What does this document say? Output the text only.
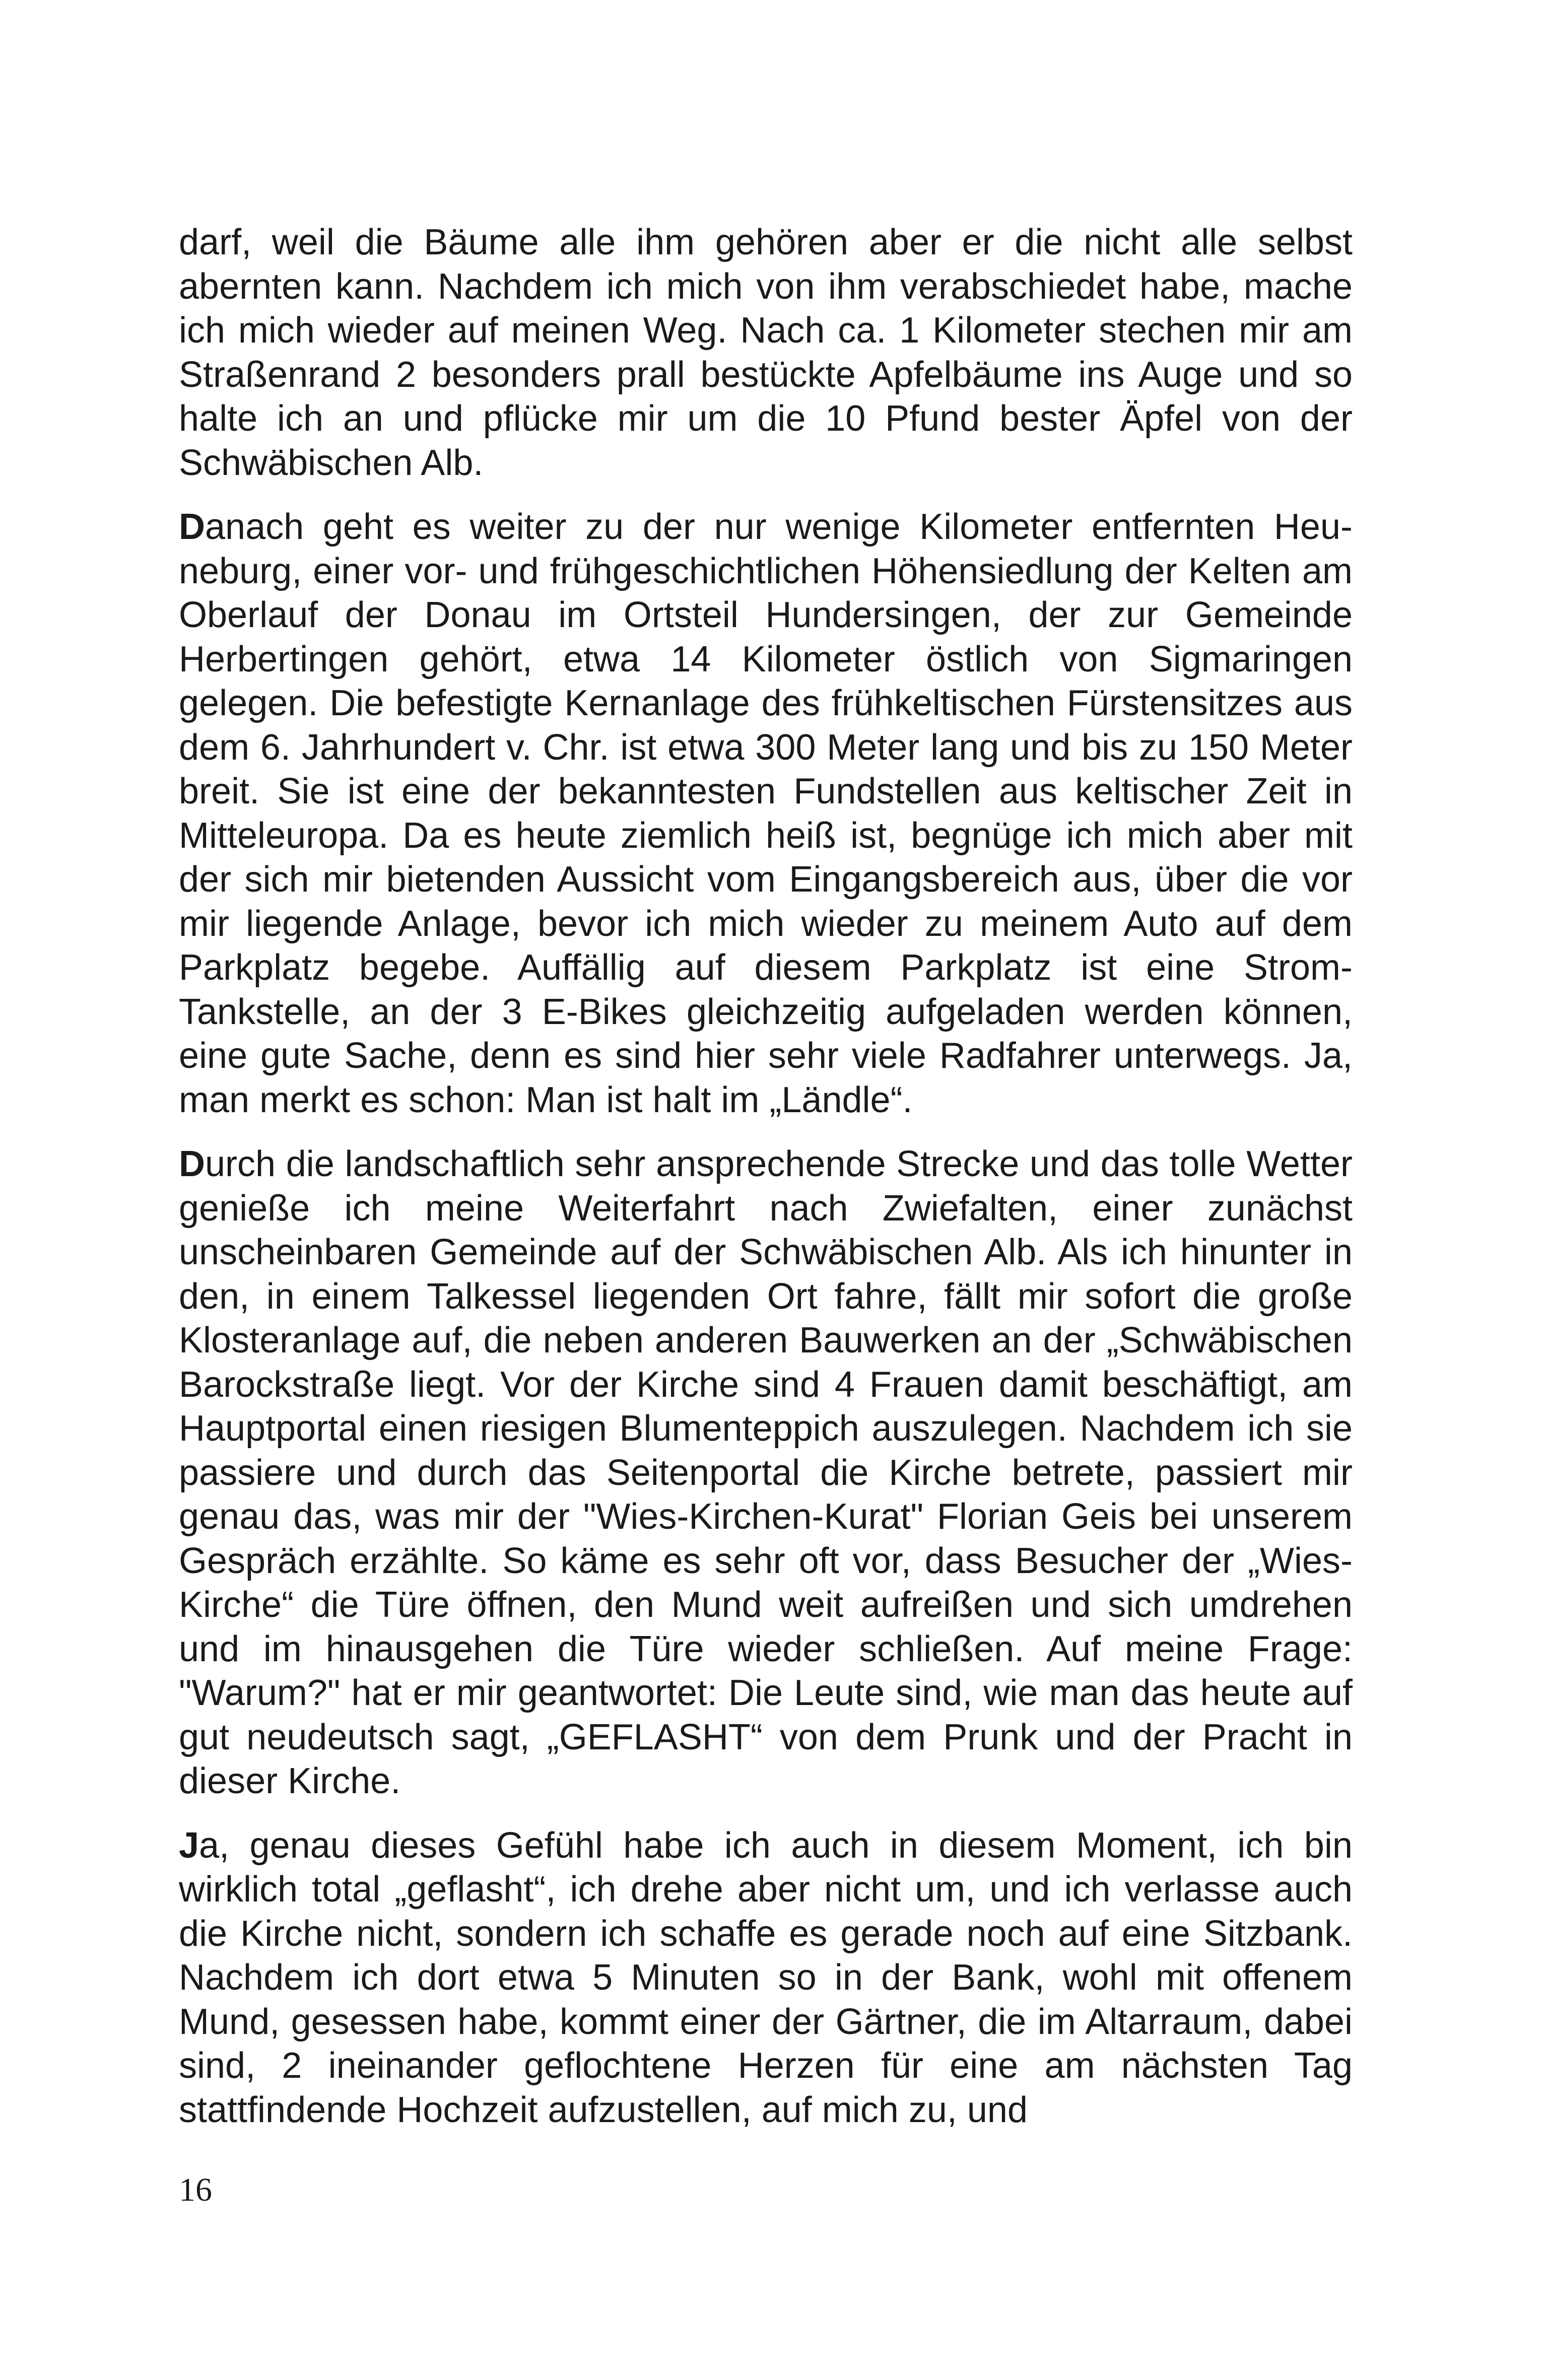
darf, weil die Bäume alle ihm gehören aber er die nicht alle selbst abernten kann. Nachdem ich mich von ihm verabschiedet habe, mache ich mich wieder auf meinen Weg. Nach ca. 1 Kilometer stechen mir am Straßenrand 2 besonders prall bestückte Apfelbäume ins Auge und so halte ich an und pflücke mir um die 10 Pfund bester Äpfel von der Schwäbischen Alb.

Danach geht es weiter zu der nur wenige Kilometer entfernten Heuneburg, einer vor- und frühgeschichtlichen Höhensiedlung der Kelten am Oberlauf der Donau im Ortsteil Hundersingen, der zur Gemeinde Herbertingen gehört, etwa 14 Kilometer östlich von Sigmaringen gelegen. Die befestigte Kernanlage des frühkeltischen Fürstensitzes aus dem 6. Jahrhundert v. Chr. ist etwa 300 Meter lang und bis zu 150 Meter breit. Sie ist eine der bekanntesten Fundstellen aus keltischer Zeit in Mitteleuropa. Da es heute ziemlich heiß ist, begnüge ich mich aber mit der sich mir bietenden Aussicht vom Eingangsbereich aus, über die vor mir liegende Anlage, bevor ich mich wieder zu meinem Auto auf dem Parkplatz begebe. Auffällig auf diesem Parkplatz ist eine Strom-Tankstelle, an der 3 E-Bikes gleichzeitig aufgeladen werden können, eine gute Sache, denn es sind hier sehr viele Radfahrer unterwegs. Ja, man merkt es schon: Man ist halt im „Ländle“.

Durch die landschaftlich sehr ansprechende Strecke und das tolle Wetter genieße ich meine Weiterfahrt nach Zwiefalten, einer zunächst unscheinbaren Gemeinde auf der Schwäbischen Alb. Als ich hinunter in den, in einem Talkessel liegenden Ort fahre, fällt mir sofort die große Klosteranlage auf, die neben anderen Bauwerken an der „Schwäbischen Barockstraße liegt. Vor der Kirche sind 4 Frauen damit beschäftigt, am Hauptportal einen riesigen Blumenteppich auszulegen. Nachdem ich sie passiere und durch das Seitenportal die Kirche betrete, passiert mir genau das, was mir der "Wies-Kirchen-Kurat" Florian Geis bei unserem Gespräch erzählte. So käme es sehr oft vor, dass Besucher der „Wies-Kirche“ die Türe öffnen, den Mund weit aufreißen und sich umdrehen und im hinausgehen die Türe wieder schließen. Auf meine Frage: "Warum?" hat er mir geantwortet: Die Leute sind, wie man das heute auf gut neudeutsch sagt, „GEFLASHT“ von dem Prunk und der Pracht in dieser Kirche.

Ja, genau dieses Gefühl habe ich auch in diesem Moment, ich bin wirklich total „geflasht“, ich drehe aber nicht um, und ich verlasse auch die Kirche nicht, sondern ich schaffe es gerade noch auf eine Sitzbank. Nachdem ich dort etwa 5 Minuten so in der Bank, wohl mit offenem Mund, gesessen habe, kommt einer der Gärtner, die im Altarraum, dabei sind, 2 ineinander geflochtene Herzen für eine am nächsten Tag stattfindende Hochzeit aufzustellen, auf mich zu, und

16
